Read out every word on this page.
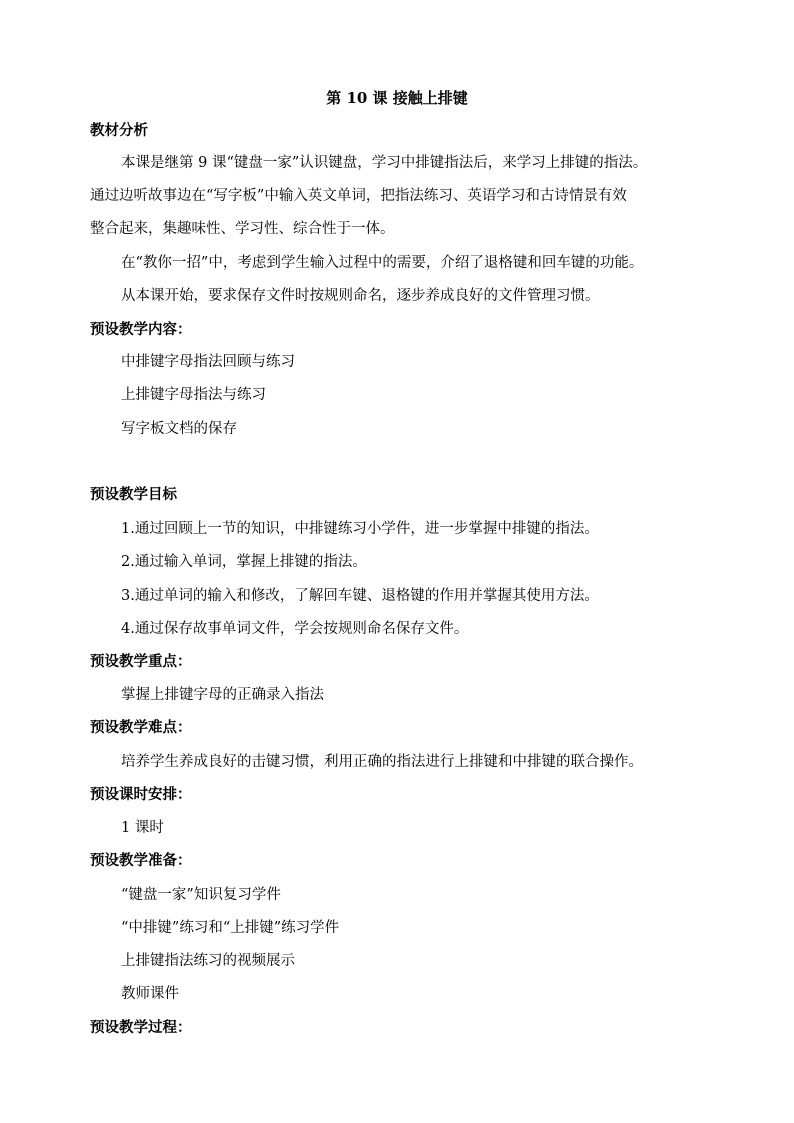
第 10 课 接触上排键
教材分析
本课是继第 9 课“键盘一家”认识键盘，学习中排键指法后，来学习上排键的指法。
通过边听故事边在“写字板”中输入英文单词，把指法练习、英语学习和古诗情景有效
整合起来，集趣味性、学习性、综合性于一体。
在“教你一招”中，考虑到学生输入过程中的需要，介绍了退格键和回车键的功能。
从本课开始，要求保存文件时按规则命名，逐步养成良好的文件管理习惯。
预设教学内容：
中排键字母指法回顾与练习
上排键字母指法与练习
写字板文档的保存
预设教学目标
1.通过回顾上一节的知识，中排键练习小学件，进一步掌握中排键的指法。
2.通过输入单词，掌握上排键的指法。
3.通过单词的输入和修改，了解回车键、退格键的作用并掌握其使用方法。
4.通过保存故事单词文件，学会按规则命名保存文件。
预设教学重点：
掌握上排键字母的正确录入指法
预设教学难点：
培养学生养成良好的击键习惯，利用正确的指法进行上排键和中排键的联合操作。
预设课时安排：
1 课时
预设教学准备：
“键盘一家”知识复习学件
“中排键”练习和“上排键”练习学件
上排键指法练习的视频展示
教师课件
预设教学过程：
